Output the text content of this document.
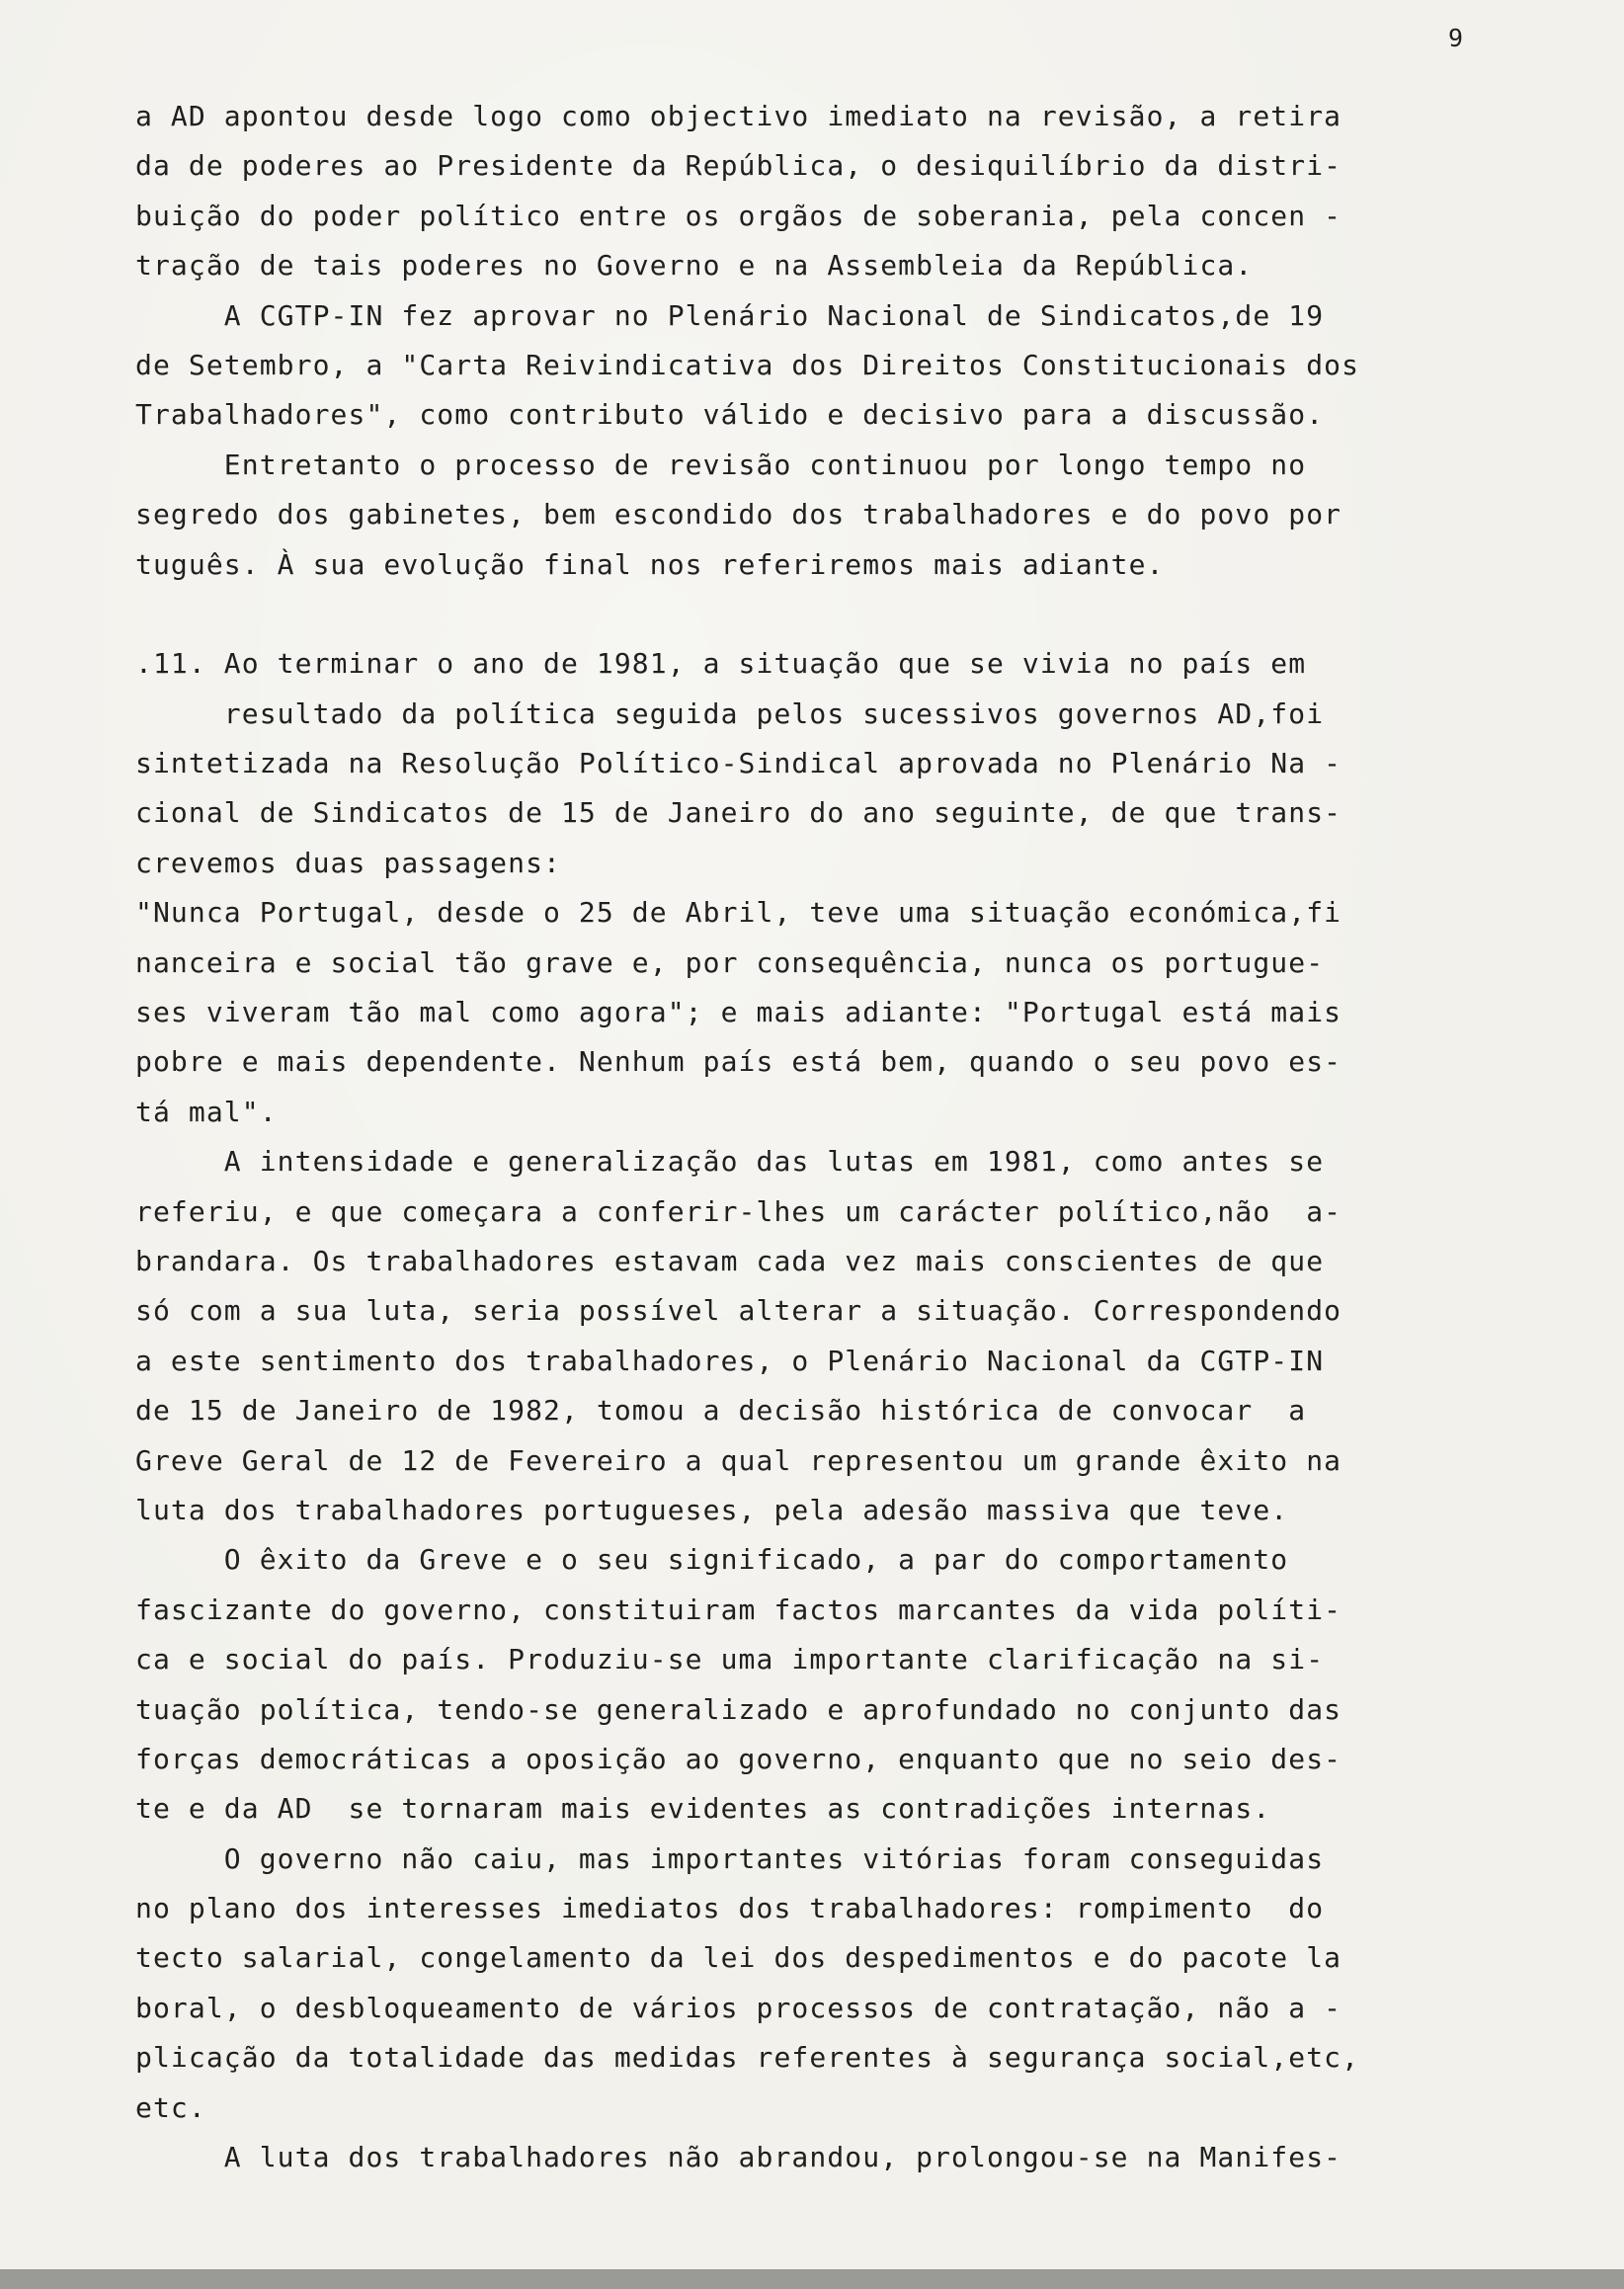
9
a AD apontou desde logo como objectivo imediato na revisão, a retira
da de poderes ao Presidente da República, o desiquilíbrio da distri-
buição do poder político entre os orgãos de soberania, pela concen -
tração de tais poderes no Governo e na Assembleia da República.
A CGTP-IN fez aprovar no Plenário Nacional de Sindicatos,de 19
de Setembro, a "Carta Reivindicativa dos Direitos Constitucionais dos
Trabalhadores", como contributo válido e decisivo para a discussão.
Entretanto o processo de revisão continuou por longo tempo no
segredo dos gabinetes, bem escondido dos trabalhadores e do povo por
tuguês. À sua evolução final nos referiremos mais adiante.
.11. Ao terminar o ano de 1981, a situação que se vivia no país em
resultado da política seguida pelos sucessivos governos AD,foi
sintetizada na Resolução Político-Sindical aprovada no Plenário Na -
cional de Sindicatos de 15 de Janeiro do ano seguinte, de que trans-
crevemos duas passagens:
"Nunca Portugal, desde o 25 de Abril, teve uma situação económica,fi
nanceira e social tão grave e, por consequência, nunca os portugue-
ses viveram tão mal como agora"; e mais adiante: "Portugal está mais
pobre e mais dependente. Nenhum país está bem, quando o seu povo es-
tá mal".
A intensidade e generalização das lutas em 1981, como antes se
referiu, e que começara a conferir-lhes um carácter político,não  a-
brandara. Os trabalhadores estavam cada vez mais conscientes de que
só com a sua luta, seria possível alterar a situação. Correspondendo
a este sentimento dos trabalhadores, o Plenário Nacional da CGTP-IN
de 15 de Janeiro de 1982, tomou a decisão histórica de convocar  a
Greve Geral de 12 de Fevereiro a qual representou um grande êxito na
luta dos trabalhadores portugueses, pela adesão massiva que teve.
O êxito da Greve e o seu significado, a par do comportamento
fascizante do governo, constituiram factos marcantes da vida políti-
ca e social do país. Produziu-se uma importante clarificação na si-
tuação política, tendo-se generalizado e aprofundado no conjunto das
forças democráticas a oposição ao governo, enquanto que no seio des-
te e da AD  se tornaram mais evidentes as contradições internas.
O governo não caiu, mas importantes vitórias foram conseguidas
no plano dos interesses imediatos dos trabalhadores: rompimento  do
tecto salarial, congelamento da lei dos despedimentos e do pacote la
boral, o desbloqueamento de vários processos de contratação, não a -
plicação da totalidade das medidas referentes à segurança social,etc,
etc.
A luta dos trabalhadores não abrandou, prolongou-se na Manifes-
